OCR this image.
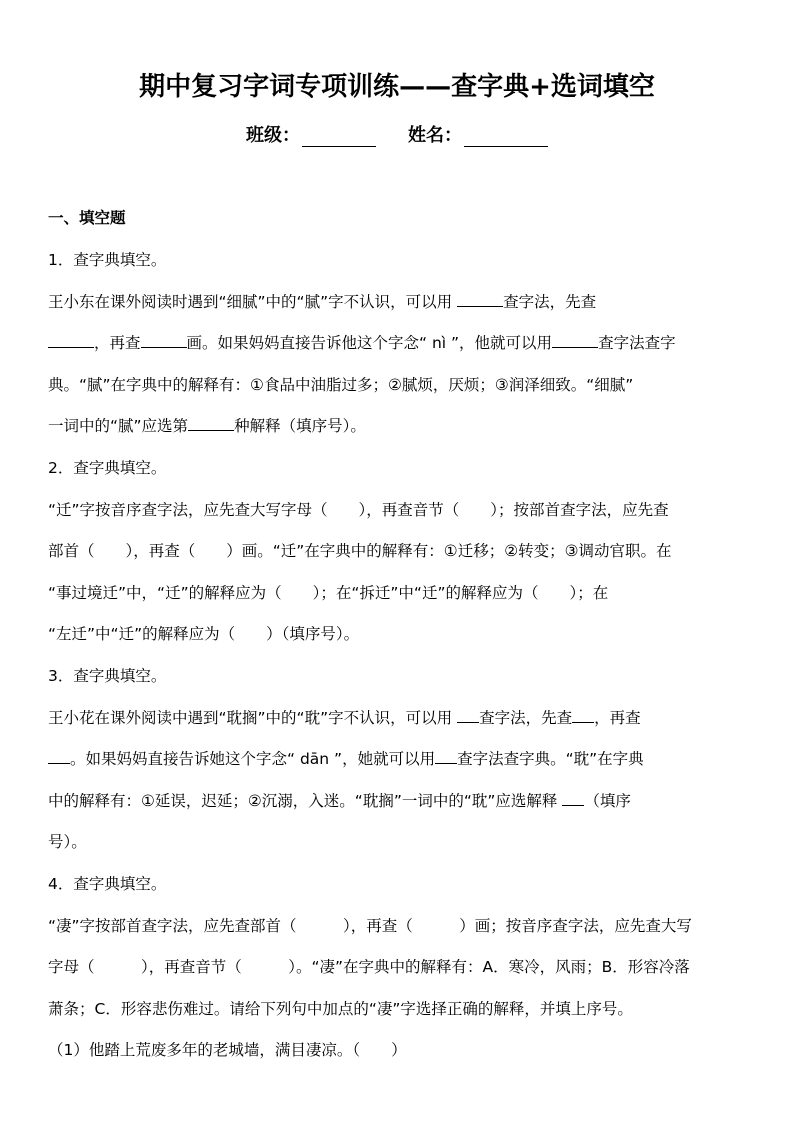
期中复习字词专项训练——查字典+选词填空
班级：	姓名：
一、填空题

1．查字典填空。

王小东在课外阅读时遇到“细腻”中的“腻”字不认识，可以用	查字法，先查

，再查	画。如果妈妈直接告诉他这个字念“ nì ”，他就可以用	查字法查字

典。“腻”在字典中的解释有：①食品中油脂过多；②腻烦，厌烦；③润泽细致。“细腻”

一词中的“腻”应选第	种解释（填序号）。

2．查字典填空。

“迁”字按音序查字法，应先查大写字母（　　），再查音节（　　）；按部首查字法，应先查

部首（　　），再查（　　）画。“迁”在字典中的解释有：①迁移；②转变；③调动官职。在

“事过境迁”中，“迁”的解释应为（　　）；在“拆迁”中“迁”的解释应为（　　）；在

“左迁”中“迁”的解释应为（　　）（填序号）。

3．查字典填空。

王小花在课外阅读中遇到“耽搁”中的“耽”字不认识，可以用 查字法，先查 ，再查

。如果妈妈直接告诉她这个字念“ dān ”，她就可以用 查字法查字典。“耽”在字典

中的解释有：①延误，迟延；②沉溺，入迷。“耽搁”一词中的“耽”应选解释 （填序

号）。

4．查字典填空。

“凄”字按部首查字法，应先查部首（　　　），再查（　　　）画；按音序查字法，应先查大写

字母（　　　），再查音节（　　　）。“凄”在字典中的解释有：A．寒冷，风雨；B．形容冷落

萧条；C．形容悲伤难过。请给下列句中加点的“凄”字选择正确的解释，并填上序号。

（1）他踏上荒废多年的老城墙，满目凄凉。（　　）
